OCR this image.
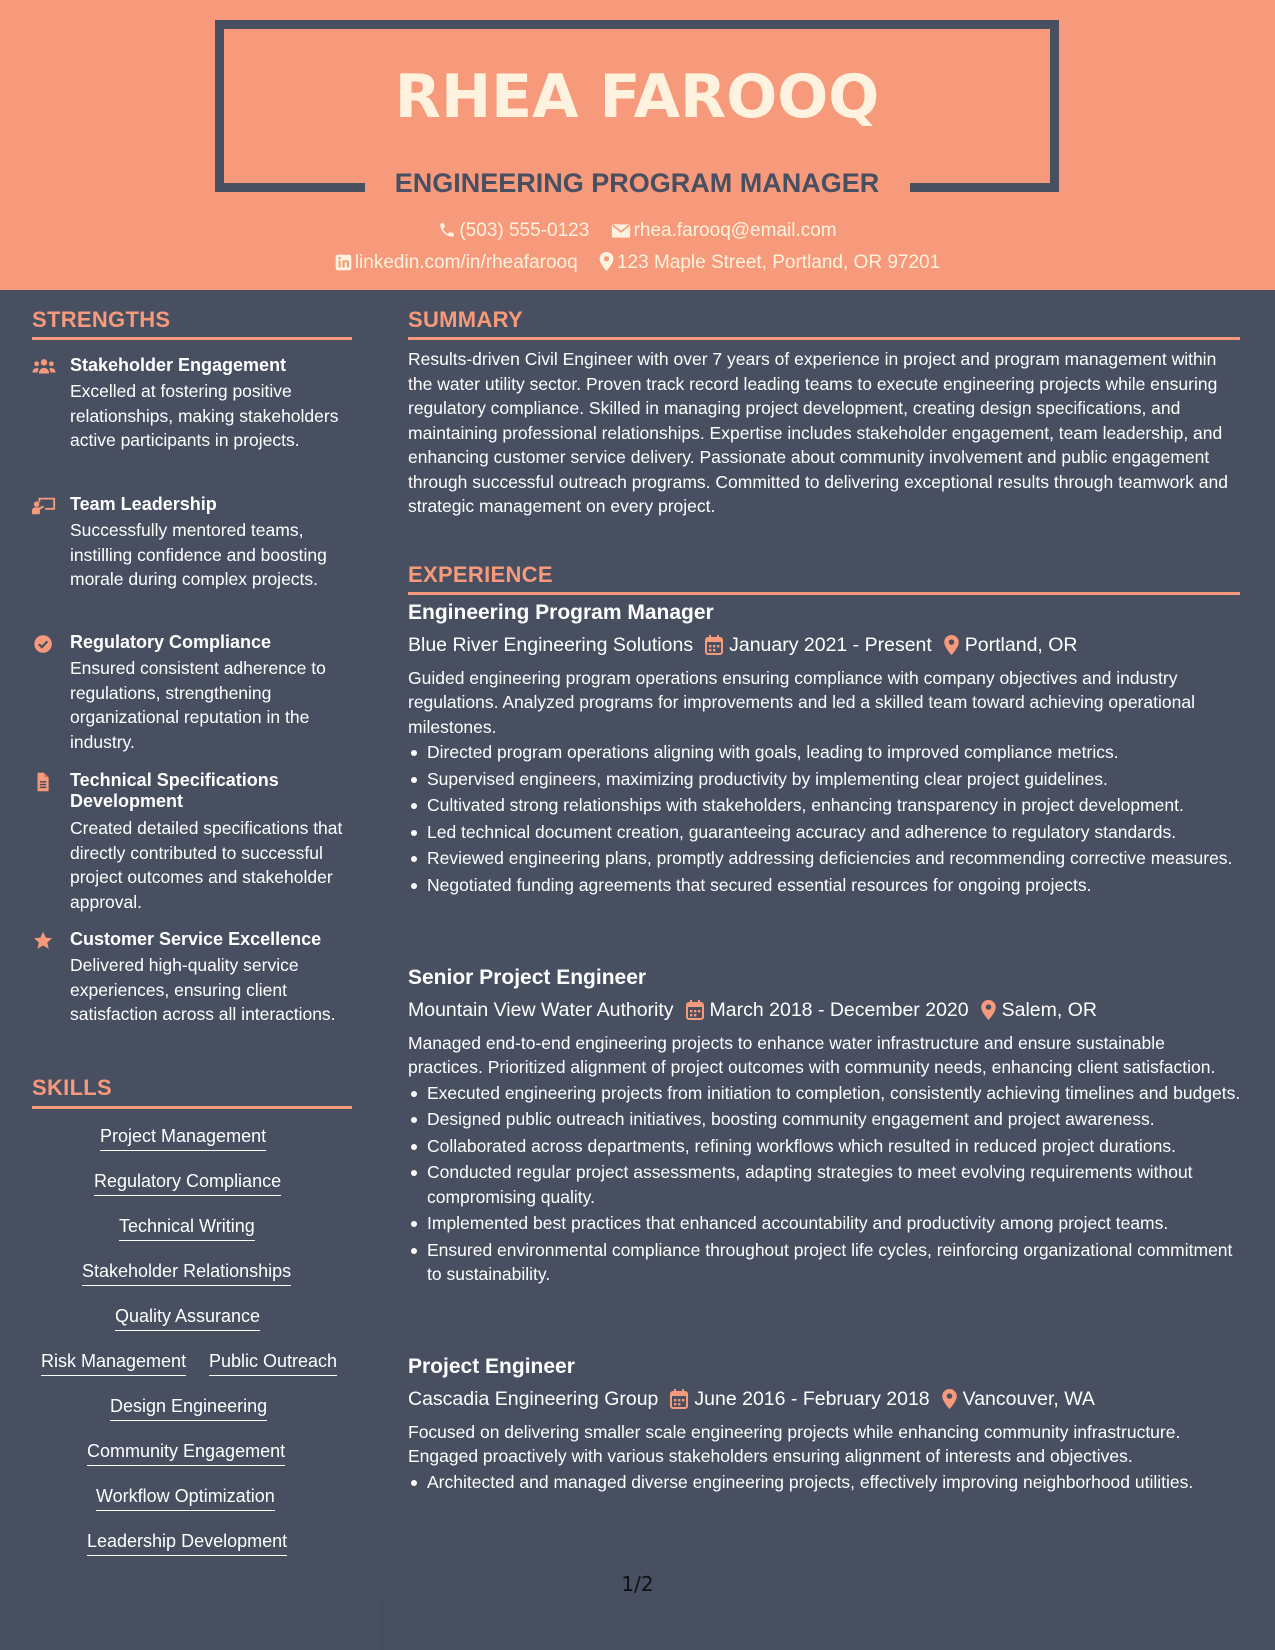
RHEA FAROOQ
ENGINEERING PROGRAM MANAGER
(503) 555-0123 rhea.farooq@email.com
linkedin.com/in/rheafarooq 123 Maple Street, Portland, OR 97201
STRENGTHS
Stakeholder Engagement
Excelled at fostering positive relationships, making stakeholders active participants in projects.
Team Leadership
Successfully mentored teams, instilling confidence and boosting morale during complex projects.
Regulatory Compliance
Ensured consistent adherence to regulations, strengthening organizational reputation in the industry.
Technical Specifications Development
Created detailed specifications that directly contributed to successful project outcomes and stakeholder approval.
Customer Service Excellence
Delivered high-quality service experiences, ensuring client satisfaction across all interactions.
SKILLS
Project Management
Regulatory Compliance
Technical Writing
Stakeholder Relationships
Quality Assurance
Risk Management Public Outreach
Design Engineering
Community Engagement
Workflow Optimization
Leadership Development
SUMMARY
Results-driven Civil Engineer with over 7 years of experience in project and program management within the water utility sector. Proven track record leading teams to execute engineering projects while ensuring regulatory compliance. Skilled in managing project development, creating design specifications, and maintaining professional relationships. Expertise includes stakeholder engagement, team leadership, and enhancing customer service delivery. Passionate about community involvement and public engagement through successful outreach programs. Committed to delivering exceptional results through teamwork and strategic management on every project.
EXPERIENCE
Engineering Program Manager
Blue River Engineering Solutions January 2021 - Present Portland, OR
Guided engineering program operations ensuring compliance with company objectives and industry regulations. Analyzed programs for improvements and led a skilled team toward achieving operational milestones.
Directed program operations aligning with goals, leading to improved compliance metrics.
Supervised engineers, maximizing productivity by implementing clear project guidelines.
Cultivated strong relationships with stakeholders, enhancing transparency in project development.
Led technical document creation, guaranteeing accuracy and adherence to regulatory standards.
Reviewed engineering plans, promptly addressing deficiencies and recommending corrective measures.
Negotiated funding agreements that secured essential resources for ongoing projects.
Senior Project Engineer
Mountain View Water Authority March 2018 - December 2020 Salem, OR
Managed end-to-end engineering projects to enhance water infrastructure and ensure sustainable practices. Prioritized alignment of project outcomes with community needs, enhancing client satisfaction.
Executed engineering projects from initiation to completion, consistently achieving timelines and budgets.
Designed public outreach initiatives, boosting community engagement and project awareness.
Collaborated across departments, refining workflows which resulted in reduced project durations.
Conducted regular project assessments, adapting strategies to meet evolving requirements without compromising quality.
Implemented best practices that enhanced accountability and productivity among project teams.
Ensured environmental compliance throughout project life cycles, reinforcing organizational commitment to sustainability.
Project Engineer
Cascadia Engineering Group June 2016 - February 2018 Vancouver, WA
Focused on delivering smaller scale engineering projects while enhancing community infrastructure. Engaged proactively with various stakeholders ensuring alignment of interests and objectives.
Architected and managed diverse engineering projects, effectively improving neighborhood utilities.
1/2
